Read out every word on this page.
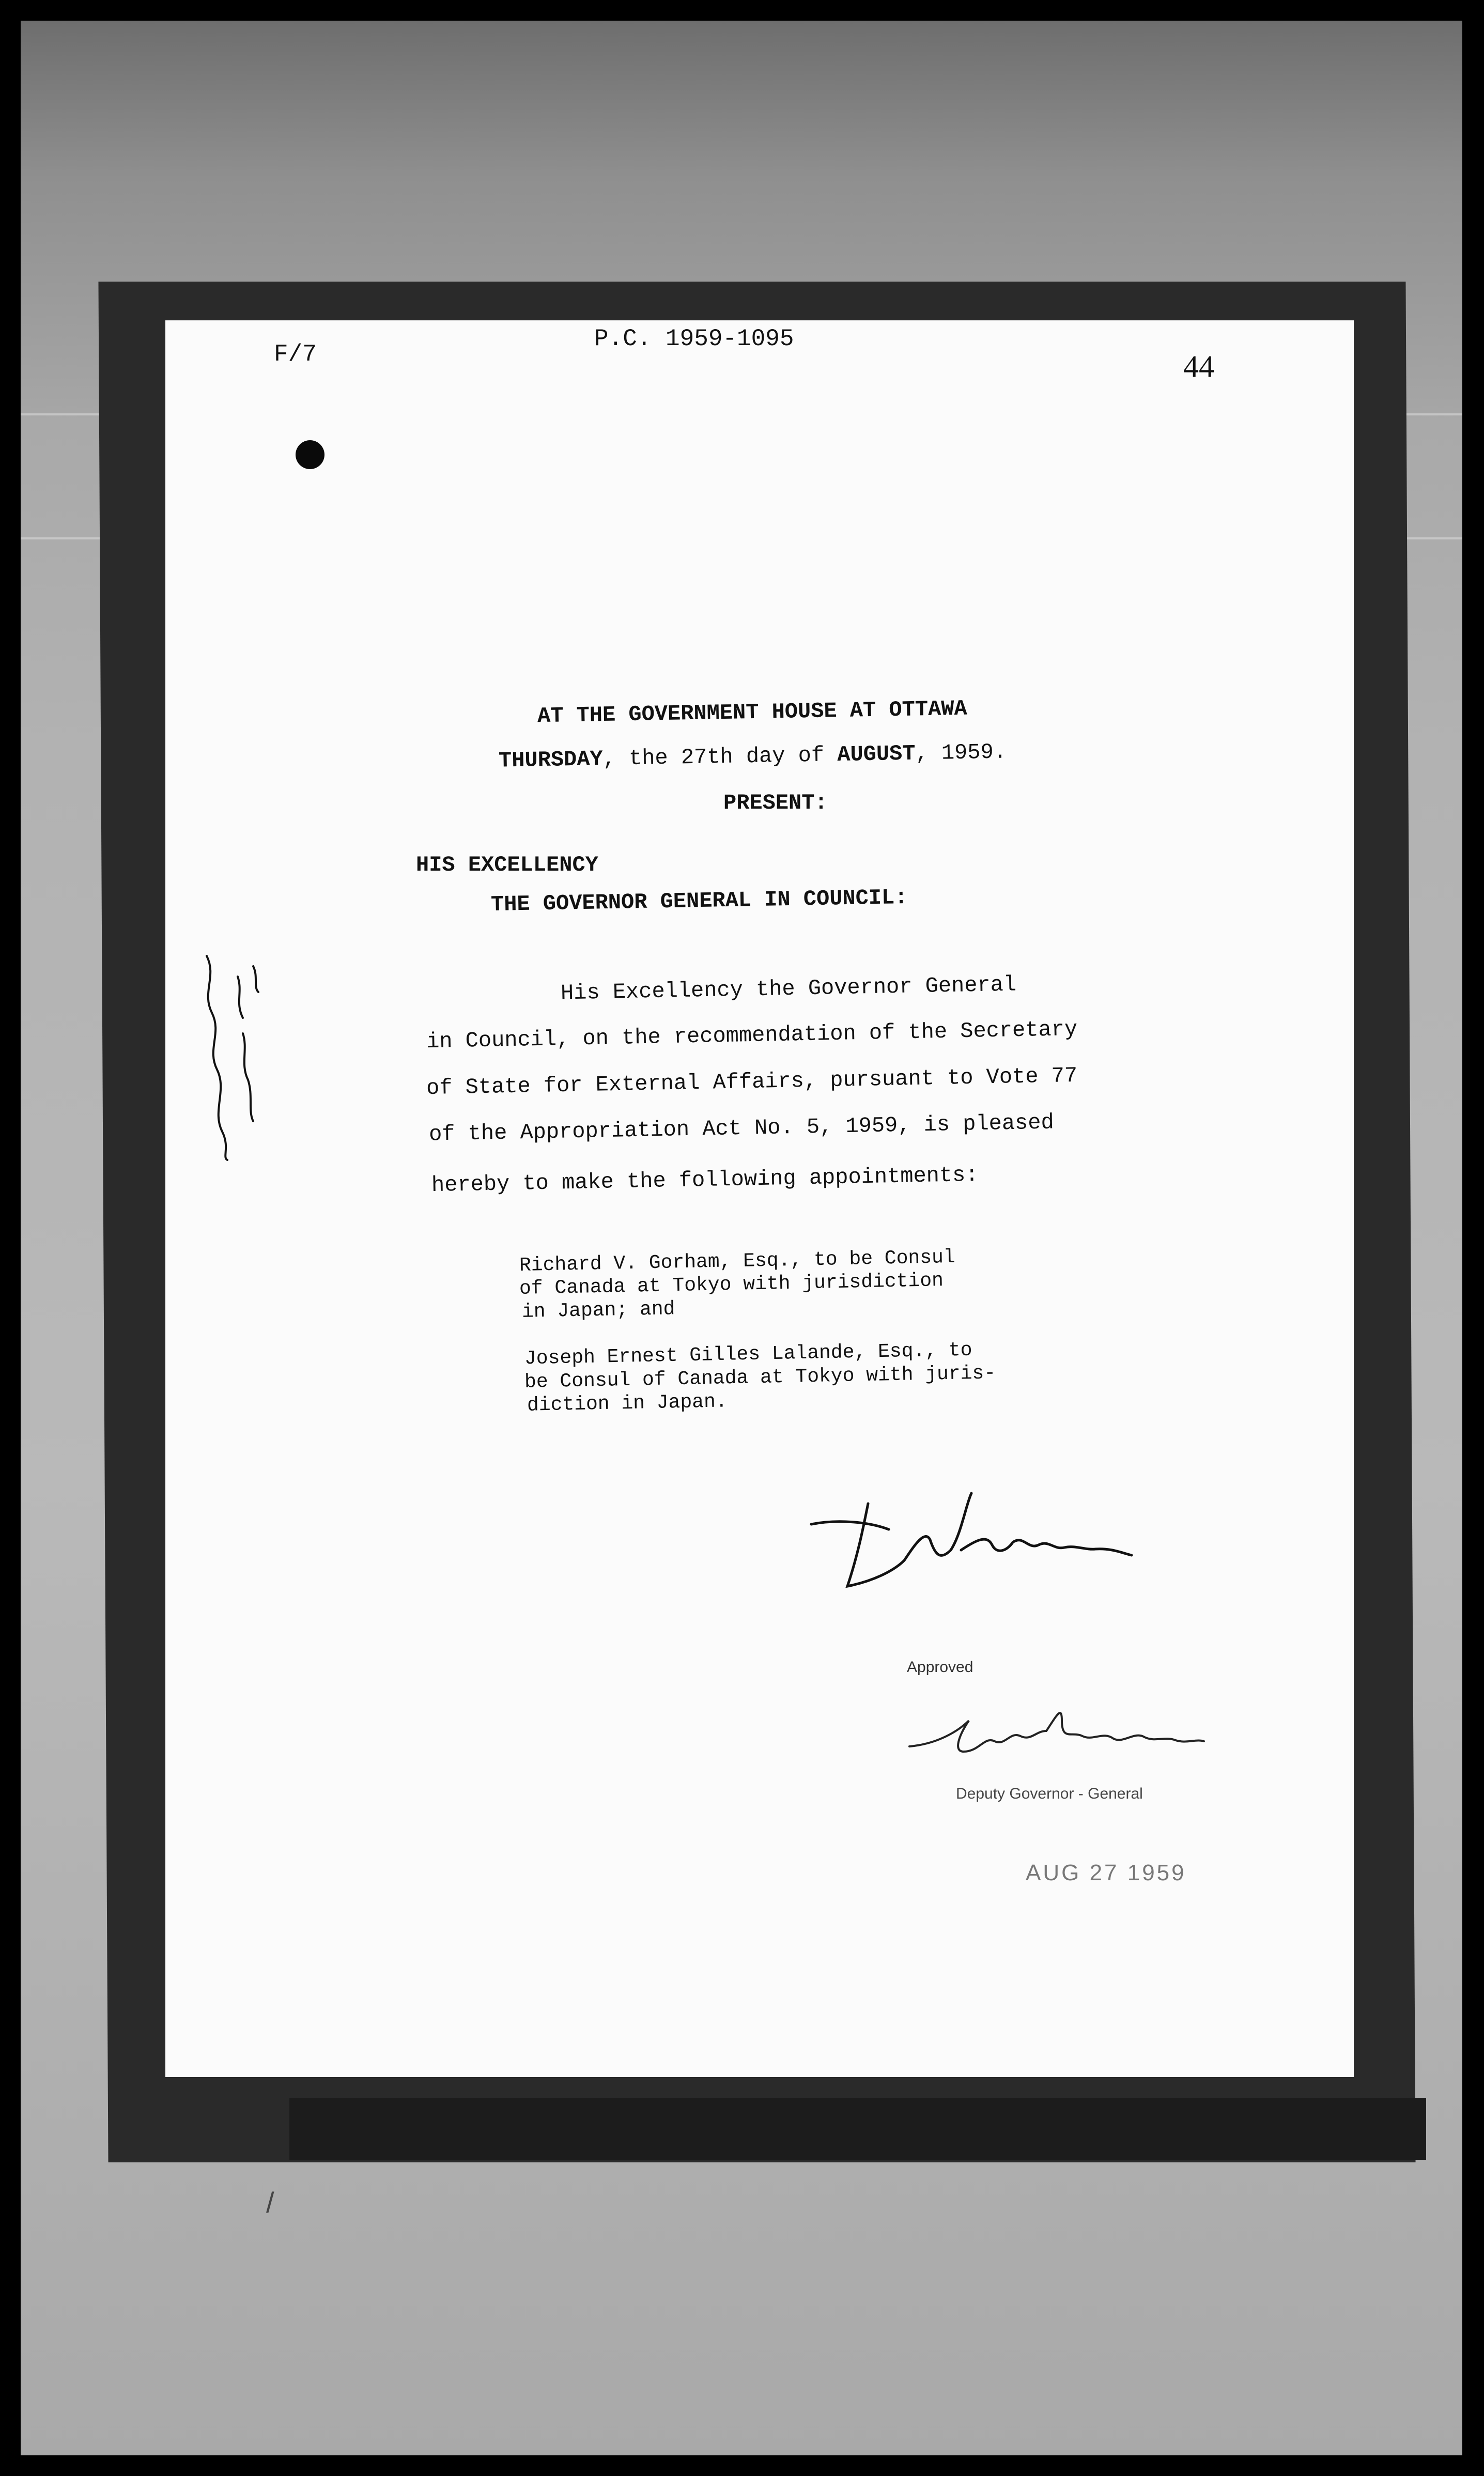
F/7
P.C. 1959-1095
44
AT THE GOVERNMENT HOUSE AT OTTAWA
THURSDAY, the 27th day of AUGUST, 1959.
PRESENT:
HIS EXCELLENCY
THE GOVERNOR GENERAL IN COUNCIL:
His Excellency the Governor General
in Council, on the recommendation of the Secretary
of State for External Affairs, pursuant to Vote 77
of the Appropriation Act No. 5, 1959, is pleased
hereby to make the following appointments:
Richard V. Gorham, Esq., to be Consul
of Canada at Tokyo with jurisdiction
in Japan; and
Joseph Ernest Gilles Lalande, Esq., to
be Consul of Canada at Tokyo with juris-
diction in Japan.
Approved
Deputy Governor - General
AUG 27 1959
/
